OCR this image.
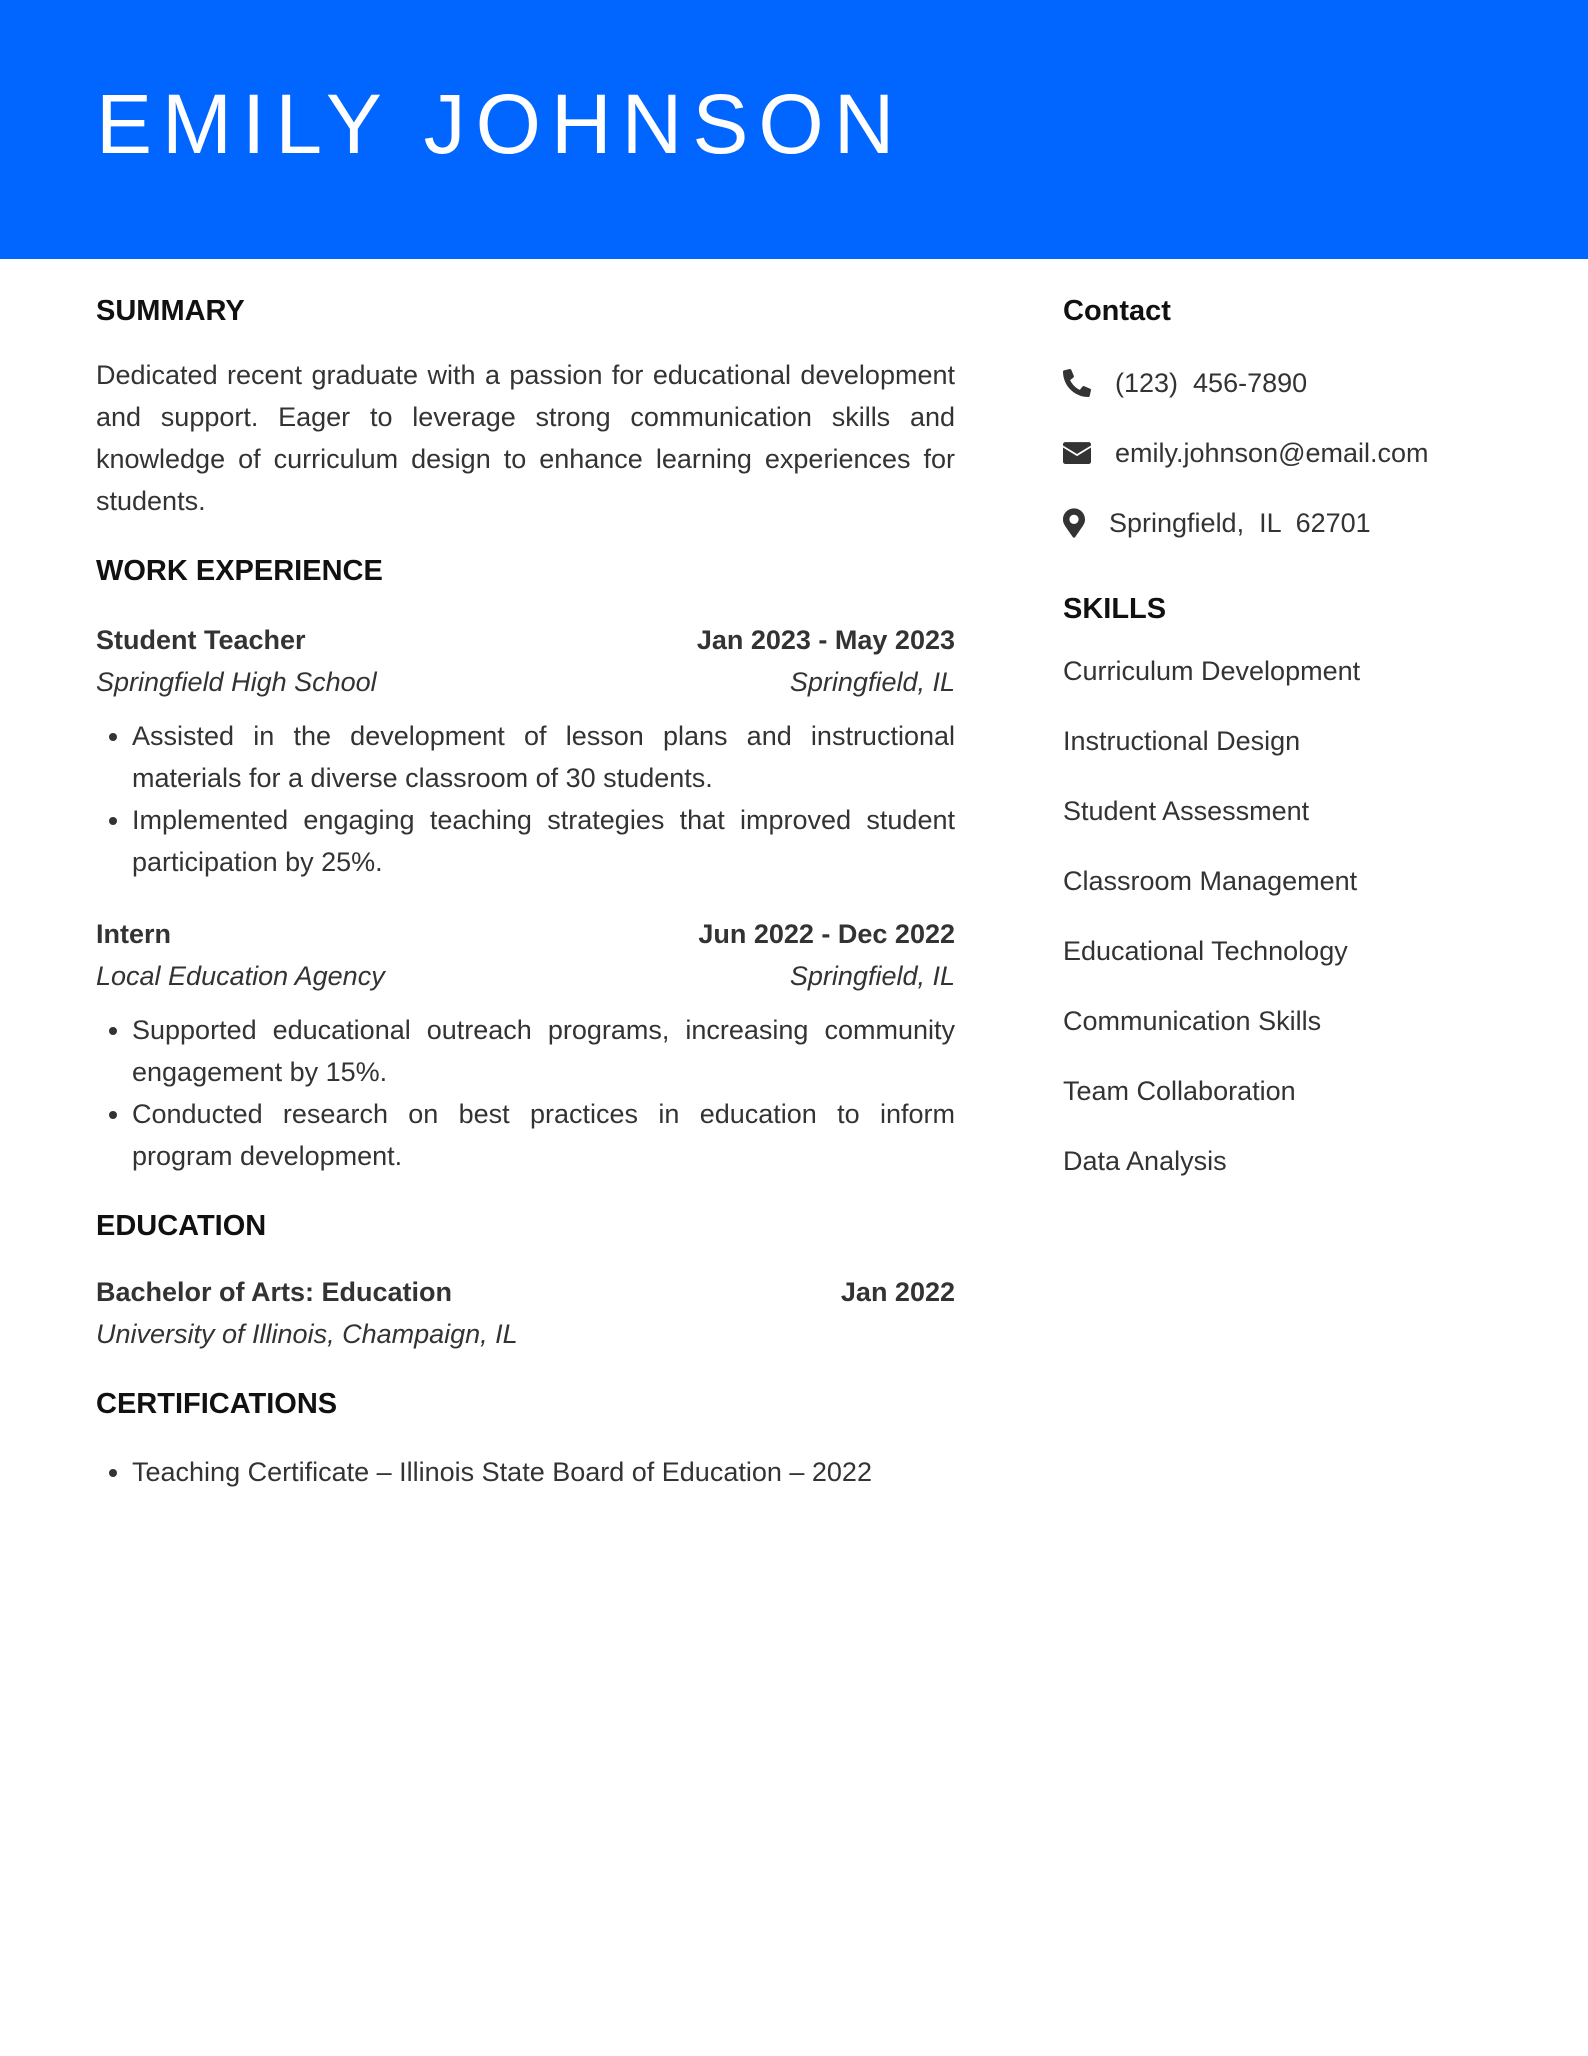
EMILY JOHNSON
SUMMARY

Dedicated recent graduate with a passion for educational development and support. Eager to leverage strong communication skills and knowledge of curriculum design to enhance learning experiences for students.

WORK EXPERIENCE
Student Teacher	Jan 2023 - May 2023
Springfield High School	Springfield, IL
• Assisted in the development of lesson plans and instructional materials for a diverse classroom of 30 students.
• Implemented engaging teaching strategies that improved student participation by 25%.
Intern	Jun 2022 - Dec 2022
Local Education Agency	Springfield, IL
• Supported educational outreach programs, increasing community engagement by 15%.
• Conducted research on best practices in education to inform program development.
EDUCATION
Bachelor of Arts: Education	Jan 2022
University of Illinois, Champaign, IL
CERTIFICATIONS
• Teaching Certificate – Illinois State Board of Education – 2022
Contact
(123)  456-7890
emily.johnson@email.com
Springfield,  IL  62701
SKILLS
Curriculum Development
Instructional Design
Student Assessment
Classroom Management
Educational Technology
Communication Skills
Team Collaboration
Data Analysis
